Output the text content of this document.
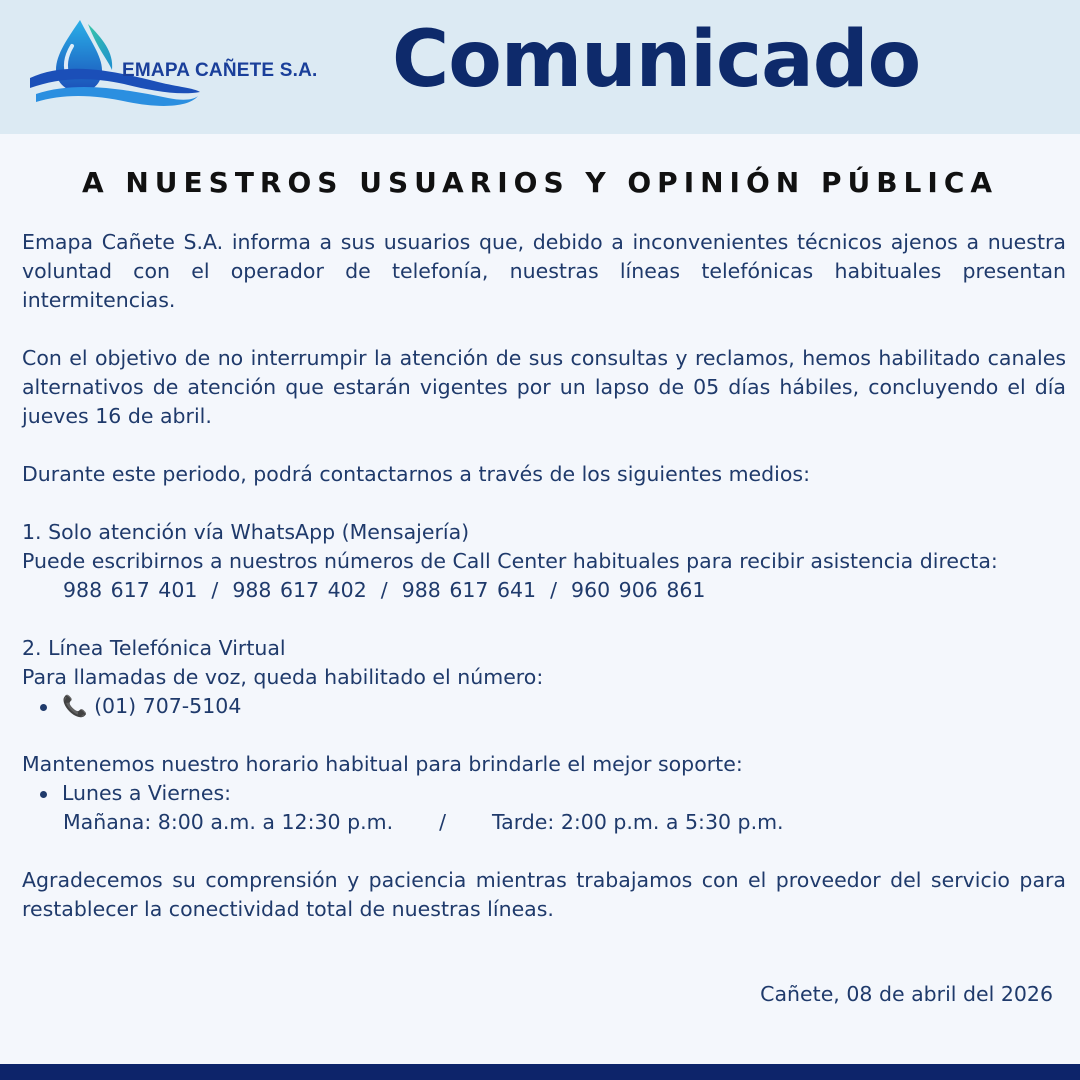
EMAPA CAÑETE S.A. Comunicado
A NUESTROS USUARIOS Y OPINIÓN PÚBLICA

Emapa Cañete S.A. informa a sus usuarios que, debido a inconvenientes técnicos ajenos a nuestra voluntad con el operador de telefonía, nuestras líneas telefónicas habituales presentan intermitencias.

Con el objetivo de no interrumpir la atención de sus consultas y reclamos, hemos habilitado canales alternativos de atención que estarán vigentes por un lapso de 05 días hábiles, concluyendo el día jueves 16 de abril.

Durante este periodo, podrá contactarnos a través de los siguientes medios:

1. Solo atención vía WhatsApp (Mensajería)

Puede escribirnos a nuestros números de Call Center habituales para recibir asistencia directa:

988 617 401 / 988 617 402 / 988 617 641 / 960 906 861

2. Línea Telefónica Virtual

Para llamadas de voz, queda habilitado el número:

📞 (01) 707-5104

Mantenemos nuestro horario habitual para brindarle el mejor soporte:

Lunes a Viernes:

Mañana: 8:00 a.m. a 12:30 p.m. / Tarde: 2:00 p.m. a 5:30 p.m.

Agradecemos su comprensión y paciencia mientras trabajamos con el proveedor del servicio para restablecer la conectividad total de nuestras líneas.

Cañete, 08 de abril del 2026
